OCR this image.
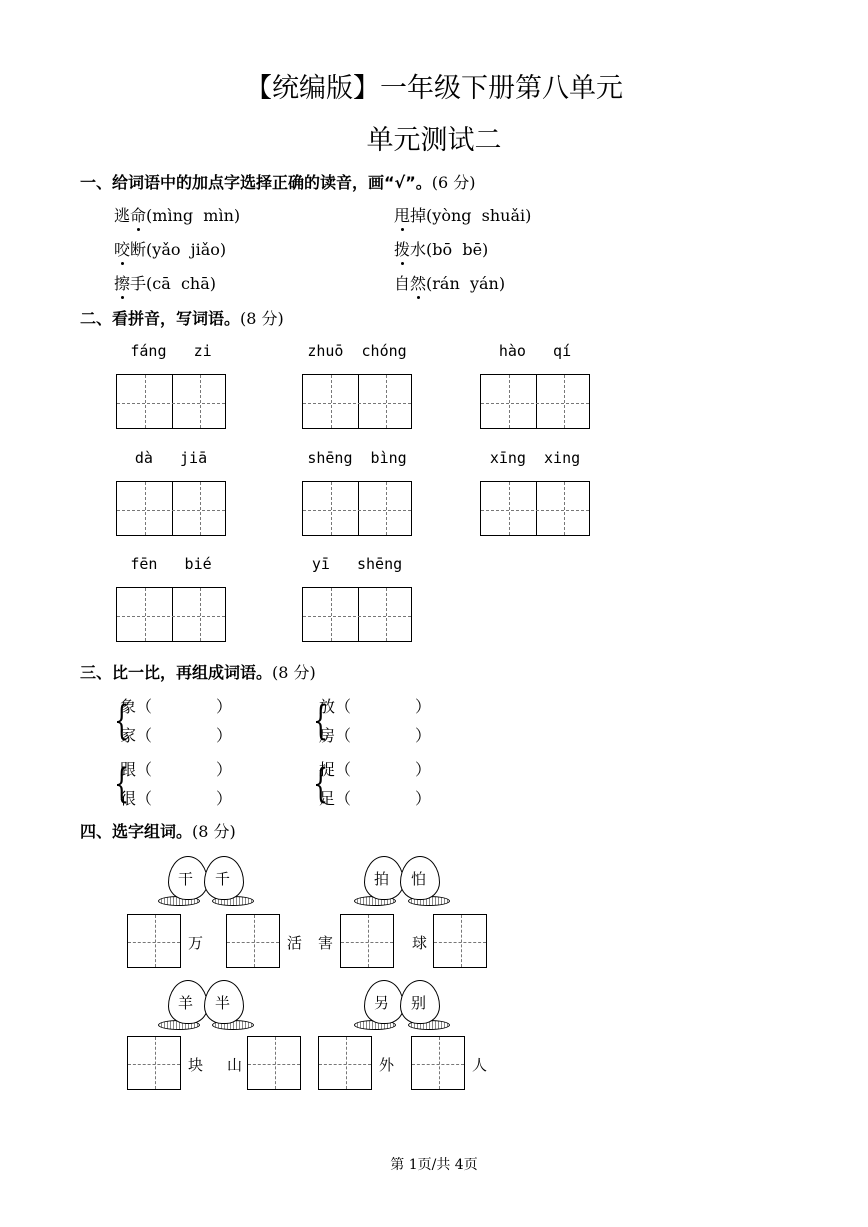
【统编版】一年级下册第八单元
单元测试二
一、给词语中的加点字选择正确的读音，画“√”。(6 分)
逃命(mìng  mìn)	甩掉(yòng  shuǎi)
咬断(yǎo  jiǎo)	拨水(bō  bē)
擦手(cā  chā)	自然(rán  yán)
二、看拼音，写词语。(8 分)
fáng   zi	zhuō  chóng	hào   qí
dà   jiā	shēng  bìng	xīng  xing
fēn   bié	yī   shēng
三、比一比，再组成词语。(8 分)
{
象（	）
家（	） {
放（	）
房（	）
{
跟（	）
很（	） {
捉（	）
足（	）
四、选字组词。(8 分)
干 千	拍 怕
羊 半	另 别
万	活 害	球
块 山	外	人
第 1页/共 4页
